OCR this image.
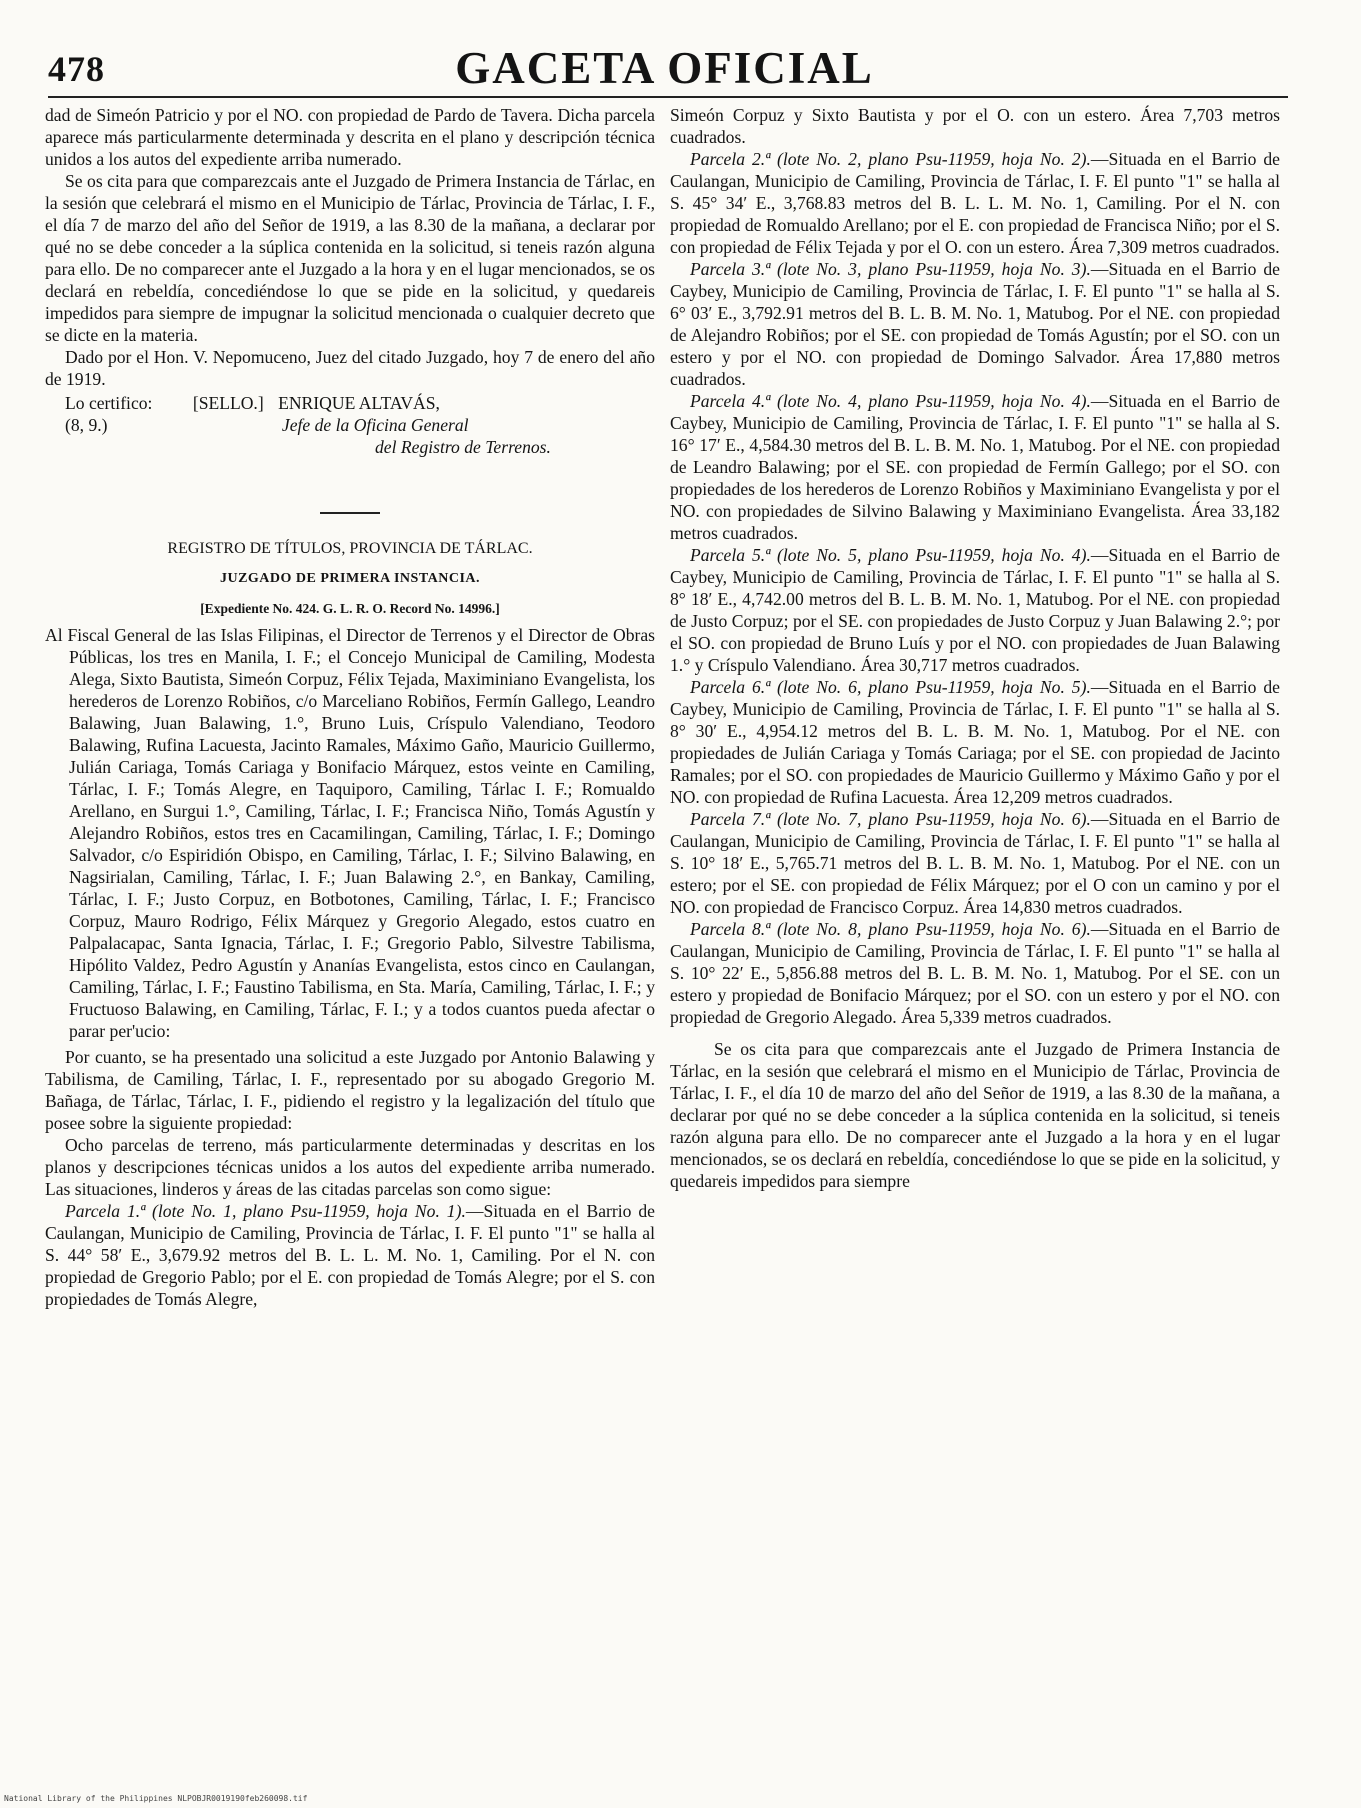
478	GACETA OFICIAL

dad de Simeón Patricio y por el NO. con propiedad de Pardo de Tavera. Dicha parcela aparece más particularmente determinada y descrita en el plano y descripción técnica unidos a los autos del expediente arriba numerado.

Se os cita para que comparezcais ante el Juzgado de Primera Instancia de Tárlac, en la sesión que celebrará el mismo en el Municipio de Tárlac, Provincia de Tárlac, I. F., el día 7 de marzo del año del Señor de 1919, a las 8.30 de la mañana, a declarar por qué no se debe conceder a la súplica contenida en la solicitud, si teneis razón alguna para ello. De no comparecer ante el Juzgado a la hora y en el lugar mencionados, se os declará en rebeldía, concediéndose lo que se pide en la solicitud, y quedareis impedidos para siempre de impugnar la solicitud mencionada o cualquier decreto que se dicte en la materia.

Dado por el Hon. V. Nepomuceno, Juez del citado Juzgado, hoy 7 de enero del año de 1919.

Lo certifico: [SELLO.] ENRIQUE ALTAVÁS,
(8, 9.)	Jefe de la Oficina General
del Registro de Terrenos.
REGISTRO DE TÍTULOS, PROVINCIA DE TÁRLAC.
JUZGADO DE PRIMERA INSTANCIA.
[Expediente No. 424. G. L. R. O. Record No. 14996.]

Al Fiscal General de las Islas Filipinas, el Director de Terrenos y el Director de Obras Públicas, los tres en Manila, I. F.; el Concejo Municipal de Camiling, Modesta Alega, Sixto Bautista, Simeón Corpuz, Félix Tejada, Maximiniano Evangelista, los herederos de Lorenzo Robiños, c/o Marceliano Robiños, Fermín Gallego, Leandro Balawing, Juan Balawing, 1.°, Bruno Luis, Críspulo Valendiano, Teodoro Balawing, Rufina Lacuesta, Jacinto Ramales, Máximo Gaño, Mauricio Guillermo, Julián Cariaga, Tomás Cariaga y Bonifacio Márquez, estos veinte en Camiling, Tárlac, I. F.; Tomás Alegre, en Taquiporo, Camiling, Tárlac I. F.; Romualdo Arellano, en Surgui 1.°, Camiling, Tárlac, I. F.; Francisca Niño, Tomás Agustín y Alejandro Robiños, estos tres en Cacamilingan, Camiling, Tárlac, I. F.; Domingo Salvador, c/o Espiridión Obispo, en Camiling, Tárlac, I. F.; Silvino Balawing, en Nagsirialan, Camiling, Tárlac, I. F.; Juan Balawing 2.°, en Bankay, Camiling, Tárlac, I. F.; Justo Corpuz, en Botbotones, Camiling, Tárlac, I. F.; Francisco Corpuz, Mauro Rodrigo, Félix Márquez y Gregorio Alegado, estos cuatro en Palpalacapac, Santa Ignacia, Tárlac, I. F.; Gregorio Pablo, Silvestre Tabilisma, Hipólito Valdez, Pedro Agustín y Ananías Evangelista, estos cinco en Caulangan, Camiling, Tárlac, I. F.; Faustino Tabilisma, en Sta. María, Camiling, Tárlac, I. F.; y Fructuoso Balawing, en Camiling, Tárlac, F. I.; y a todos cuantos pueda afectar o parar per'ucio:

Por cuanto, se ha presentado una solicitud a este Juzgado por Antonio Balawing y Tabilisma, de Camiling, Tárlac, I. F., representado por su abogado Gregorio M. Bañaga, de Tárlac, Tárlac, I. F., pidiendo el registro y la legalización del título que posee sobre la siguiente propiedad:

Ocho parcelas de terreno, más particularmente determinadas y descritas en los planos y descripciones técnicas unidos a los autos del expediente arriba numerado. Las situaciones, linderos y áreas de las citadas parcelas son como sigue:

Parcela 1.ª (lote No. 1, plano Psu-11959, hoja No. 1).—Situada en el Barrio de Caulangan, Municipio de Camiling, Provincia de Tárlac, I. F. El punto "1" se halla al S. 44° 58′ E., 3,679.92 metros del B. L. L. M. No. 1, Camiling. Por el N. con propiedad de Gregorio Pablo; por el E. con propiedad de Tomás Alegre; por el S. con propiedades de Tomás Alegre,

Simeón Corpuz y Sixto Bautista y por el O. con un estero. Área 7,703 metros cuadrados.

Parcela 2.ª (lote No. 2, plano Psu-11959, hoja No. 2).—Situada en el Barrio de Caulangan, Municipio de Camiling, Provincia de Tárlac, I. F. El punto "1" se halla al S. 45° 34′ E., 3,768.83 metros del B. L. L. M. No. 1, Camiling. Por el N. con propiedad de Romualdo Arellano; por el E. con propiedad de Francisca Niño; por el S. con propiedad de Félix Tejada y por el O. con un estero. Área 7,309 metros cuadrados.

Parcela 3.ª (lote No. 3, plano Psu-11959, hoja No. 3).—Situada en el Barrio de Caybey, Municipio de Camiling, Provincia de Tárlac, I. F. El punto "1" se halla al S. 6° 03′ E., 3,792.91 metros del B. L. B. M. No. 1, Matubog. Por el NE. con propiedad de Alejandro Robiños; por el SE. con propiedad de Tomás Agustín; por el SO. con un estero y por el NO. con propiedad de Domingo Salvador. Área 17,880 metros cuadrados.

Parcela 4.ª (lote No. 4, plano Psu-11959, hoja No. 4).—Situada en el Barrio de Caybey, Municipio de Camiling, Provincia de Tárlac, I. F. El punto "1" se halla al S. 16° 17′ E., 4,584.30 metros del B. L. B. M. No. 1, Matubog. Por el NE. con propiedad de Leandro Balawing; por el SE. con propiedad de Fermín Gallego; por el SO. con propiedades de los herederos de Lorenzo Robiños y Maximiniano Evangelista y por el NO. con propiedades de Silvino Balawing y Maximiniano Evangelista. Área 33,182 metros cuadrados.

Parcela 5.ª (lote No. 5, plano Psu-11959, hoja No. 4).—Situada en el Barrio de Caybey, Municipio de Camiling, Provincia de Tárlac, I. F. El punto "1" se halla al S. 8° 18′ E., 4,742.00 metros del B. L. B. M. No. 1, Matubog. Por el NE. con propiedad de Justo Corpuz; por el SE. con propiedades de Justo Corpuz y Juan Balawing 2.°; por el SO. con propiedad de Bruno Luís y por el NO. con propiedades de Juan Balawing 1.° y Críspulo Valendiano. Área 30,717 metros cuadrados.

Parcela 6.ª (lote No. 6, plano Psu-11959, hoja No. 5).—Situada en el Barrio de Caybey, Municipio de Camiling, Provincia de Tárlac, I. F. El punto "1" se halla al S. 8° 30′ E., 4,954.12 metros del B. L. B. M. No. 1, Matubog. Por el NE. con propiedades de Julián Cariaga y Tomás Cariaga; por el SE. con propiedad de Jacinto Ramales; por el SO. con propiedades de Mauricio Guillermo y Máximo Gaño y por el NO. con propiedad de Rufina Lacuesta. Área 12,209 metros cuadrados.

Parcela 7.ª (lote No. 7, plano Psu-11959, hoja No. 6).—Situada en el Barrio de Caulangan, Municipio de Camiling, Provincia de Tárlac, I. F. El punto "1" se halla al S. 10° 18′ E., 5,765.71 metros del B. L. B. M. No. 1, Matubog. Por el NE. con un estero; por el SE. con propiedad de Félix Márquez; por el O con un camino y por el NO. con propiedad de Francisco Corpuz. Área 14,830 metros cuadrados.

Parcela 8.ª (lote No. 8, plano Psu-11959, hoja No. 6).—Situada en el Barrio de Caulangan, Municipio de Camiling, Provincia de Tárlac, I. F. El punto "1" se halla al S. 10° 22′ E., 5,856.88 metros del B. L. B. M. No. 1, Matubog. Por el SE. con un estero y propiedad de Bonifacio Márquez; por el SO. con un estero y por el NO. con propiedad de Gregorio Alegado. Área 5,339 metros cuadrados.

Se os cita para que comparezcais ante el Juzgado de Primera Instancia de Tárlac, en la sesión que celebrará el mismo en el Municipio de Tárlac, Provincia de Tárlac, I. F., el día 10 de marzo del año del Señor de 1919, a las 8.30 de la mañana, a declarar por qué no se debe conceder a la súplica contenida en la solicitud, si teneis razón alguna para ello. De no comparecer ante el Juzgado a la hora y en el lugar mencionados, se os declará en rebeldía, concediéndose lo que se pide en la solicitud, y quedareis impedidos para siempre

National Library of the Philippines NLPOBJR0019190feb260098.tif
